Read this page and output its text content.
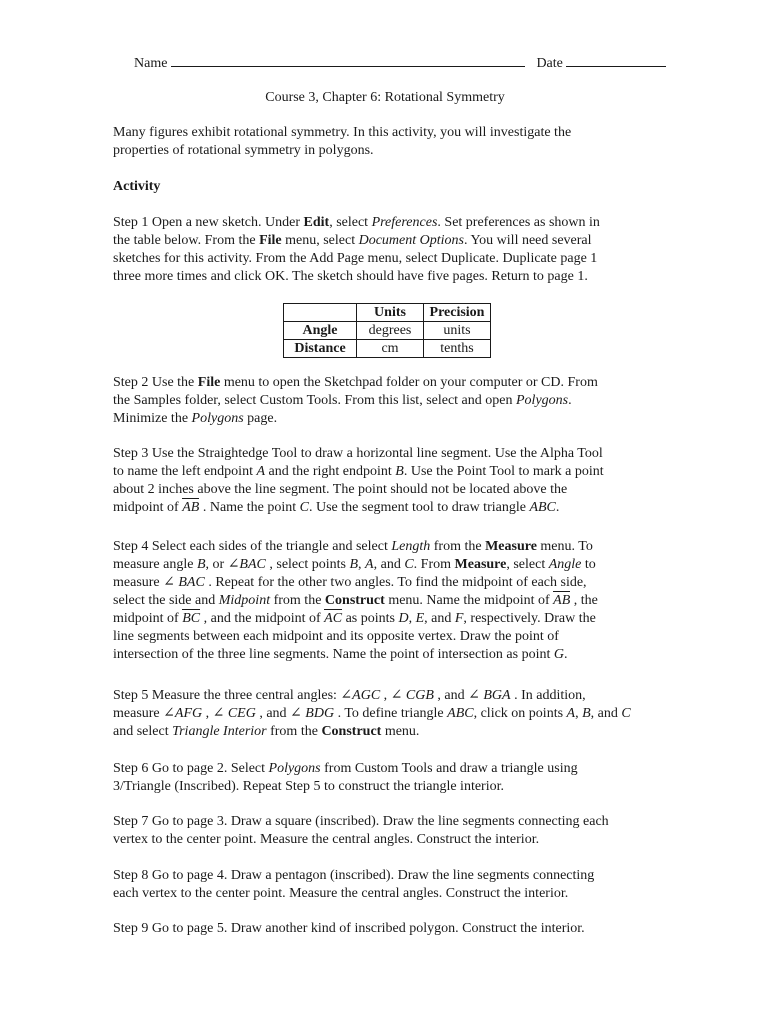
Name	Date
Course 3, Chapter 6: Rotational Symmetry
Many figures exhibit rotational symmetry. In this activity, you will investigate the
properties of rotational symmetry in polygons.
Activity
Step 1 Open a new sketch. Under Edit, select Preferences. Set preferences as shown in
the table below. From the File menu, select Document Options. You will need several
sketches for this activity. From the Add Page menu, select Duplicate. Duplicate page 1
three more times and click OK. The sketch should have five pages. Return to page 1.
	Units	Precision
Angle	degrees	units
Distance	cm	tenths
Step 2 Use the File menu to open the Sketchpad folder on your computer or CD. From
the Samples folder, select Custom Tools. From this list, select and open Polygons.
Minimize the Polygons page.
Step 3 Use the Straightedge Tool to draw a horizontal line segment. Use the Alpha Tool
to name the left endpoint A and the right endpoint B. Use the Point Tool to mark a point
about 2 inches above the line segment. The point should not be located above the
midpoint of AB . Name the point C. Use the segment tool to draw triangle ABC.
Step 4 Select each sides of the triangle and select Length from the Measure menu. To
measure angle B, or ∠BAC , select points B, A, and C. From Measure, select Angle to
measure ∠ BAC . Repeat for the other two angles. To find the midpoint of each side,
select the side and Midpoint from the Construct menu. Name the midpoint of AB , the
midpoint of BC , and the midpoint of AC as points D, E, and F, respectively. Draw the
line segments between each midpoint and its opposite vertex. Draw the point of
intersection of the three line segments. Name the point of intersection as point G.
Step 5 Measure the three central angles: ∠AGC , ∠ CGB , and ∠ BGA . In addition,
measure ∠AFG , ∠ CEG , and ∠ BDG . To define triangle ABC, click on points A, B, and C
and select Triangle Interior from the Construct menu.
Step 6 Go to page 2. Select Polygons from Custom Tools and draw a triangle using
3/Triangle (Inscribed). Repeat Step 5 to construct the triangle interior.
Step 7 Go to page 3. Draw a square (inscribed). Draw the line segments connecting each
vertex to the center point. Measure the central angles. Construct the interior.
Step 8 Go to page 4. Draw a pentagon (inscribed). Draw the line segments connecting
each vertex to the center point. Measure the central angles. Construct the interior.
Step 9 Go to page 5. Draw another kind of inscribed polygon. Construct the interior.
